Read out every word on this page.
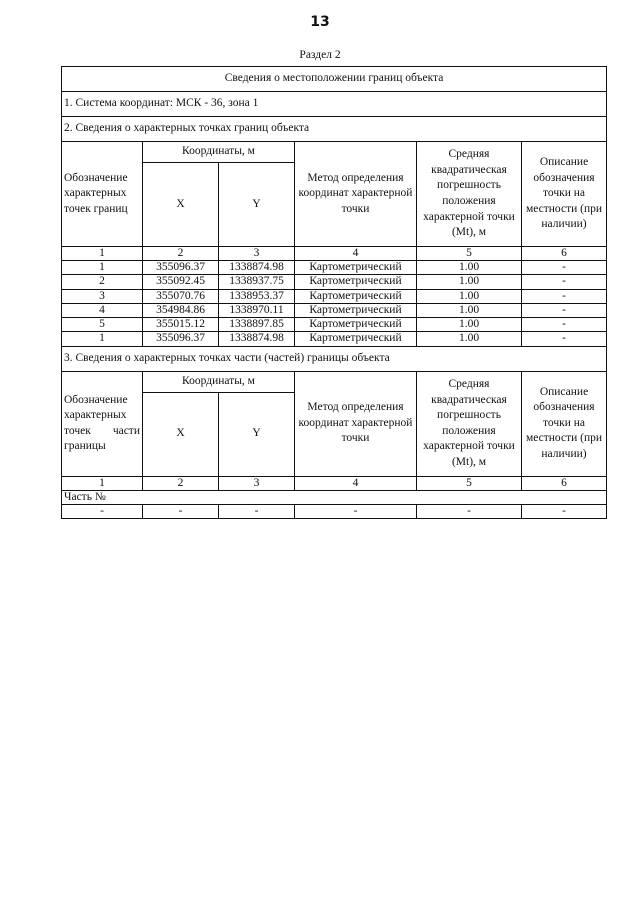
13
Раздел 2
Сведения о местоположении границ объекта					
1. Система координат: МСК - 36, зона 1					
2. Сведения о характерных точках границ объекта					
Обозначение характерных точек границ	Координаты, м		Метод определения координат характерной точки	Средняя квадратическая погрешность положения характерной точки (Mt), м	Описание обозначения точки на местности (при наличии)
	X	Y			
1	2	3	4	5	6
1	355096.37	1338874.98	Картометрический	1.00	-
2	355092.45	1338937.75	Картометрический	1.00	-
3	355070.76	1338953.37	Картометрический	1.00	-
4	354984.86	1338970.11	Картометрический	1.00	-
5	355015.12	1338897.85	Картометрический	1.00	-
1	355096.37	1338874.98	Картометрический	1.00	-
3. Сведения о характерных точках части (частей) границы объекта					

Обозначение
характерных
точек части
границы	Координаты, м		Метод определения координат характерной точки	Средняя квадратическая погрешность положения характерной точки (Mt), м	Описание обозначения точки на местности (при наличии)
	X	Y			
1	2	3	4	5	6
Часть №					
-	-	-	-	-	-
